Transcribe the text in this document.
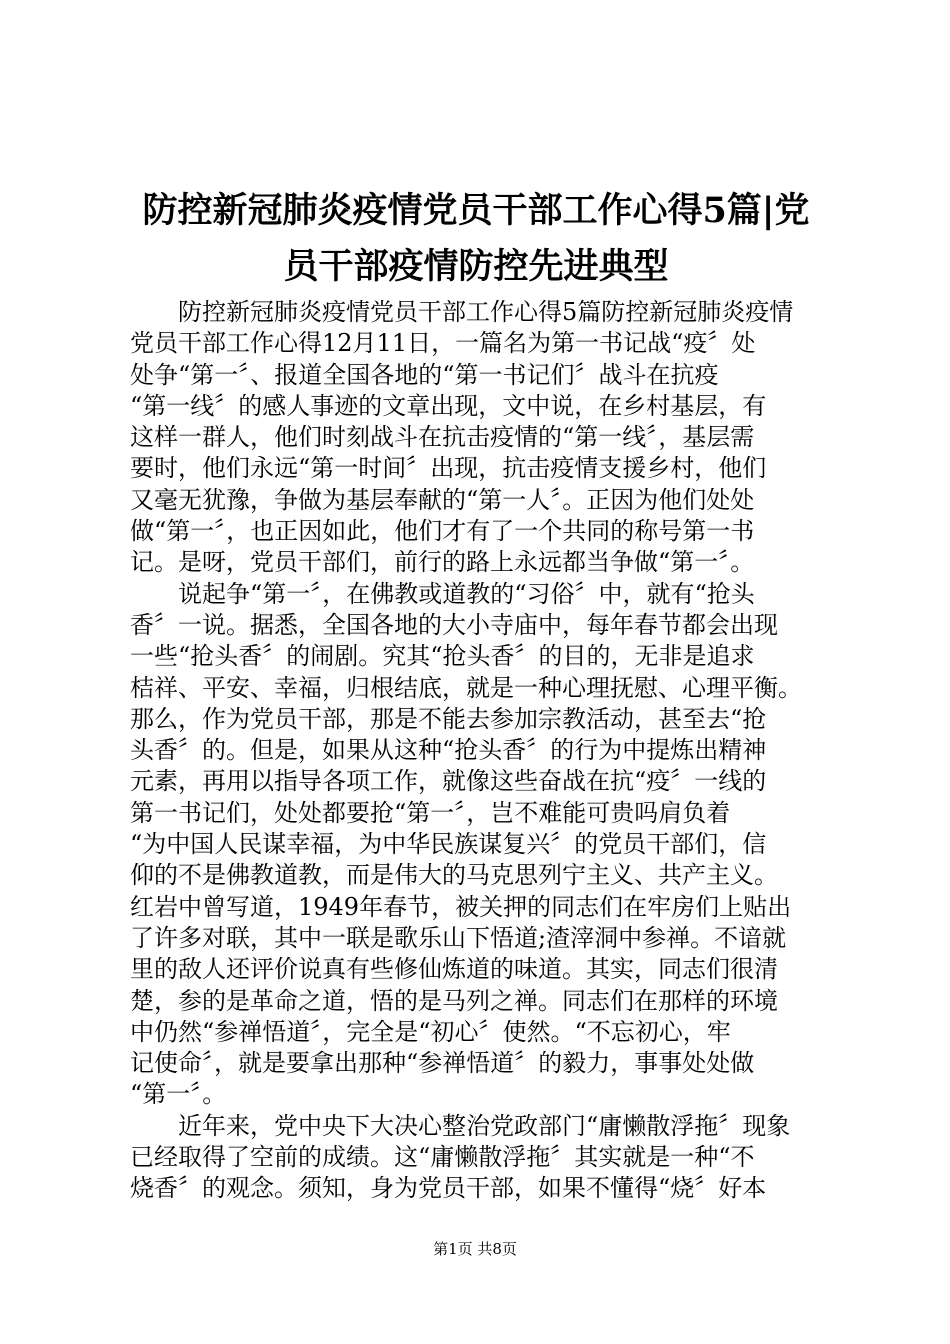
防控新冠肺炎疫情党员干部工作心得5篇|党
员干部疫情防控先进典型
防控新冠肺炎疫情党员干部工作心得5篇防控新冠肺炎疫情
党员干部工作心得12月11日，一篇名为第一书记战“疫〞处
处争“第一〞、报道全国各地的“第一书记们〞战斗在抗疫
“第一线〞的感人事迹的文章出现，文中说，在乡村基层，有
这样一群人，他们时刻战斗在抗击疫情的“第一线〞，基层需
要时，他们永远“第一时间〞出现，抗击疫情支援乡村，他们
又毫无犹豫，争做为基层奉献的“第一人〞。正因为他们处处
做“第一〞，也正因如此，他们才有了一个共同的称号第一书
记。是呀，党员干部们，前行的路上永远都当争做“第一〞。
说起争“第一〞，在佛教或道教的“习俗〞中，就有“抢头
香〞一说。据悉，全国各地的大小寺庙中，每年春节都会出现
一些“抢头香〞的闹剧。究其“抢头香〞的目的，无非是追求
桔祥、平安、幸福，归根结底，就是一种心理抚慰、心理平衡。
那么，作为党员干部，那是不能去参加宗教活动，甚至去“抢
头香〞的。但是，如果从这种“抢头香〞的行为中提炼出精神
元素，再用以指导各项工作，就像这些奋战在抗“疫〞一线的
第一书记们，处处都要抢“第一〞，岂不难能可贵吗肩负着
“为中国人民谋幸福，为中华民族谋复兴〞的党员干部们，信
仰的不是佛教道教，而是伟大的马克思列宁主义、共产主义。
红岩中曾写道，1949年春节，被关押的同志们在牢房们上贴出
了许多对联，其中一联是歌乐山下悟道;渣滓洞中参禅。不谙就
里的敌人还评价说真有些修仙炼道的味道。其实，同志们很清
楚，参的是革命之道，悟的是马列之禅。同志们在那样的环境
中仍然“参禅悟道〞，完全是“初心〞使然。“不忘初心，牢
记使命〞，就是要拿出那种“参禅悟道〞的毅力，事事处处做
“第一〞。
近年来，党中央下大决心整治党政部门“庸懒散浮拖〞现象
已经取得了空前的成绩。这“庸懒散浮拖〞其实就是一种“不
烧香〞的观念。须知，身为党员干部，如果不懂得“烧〞好本
第1页 共8页
